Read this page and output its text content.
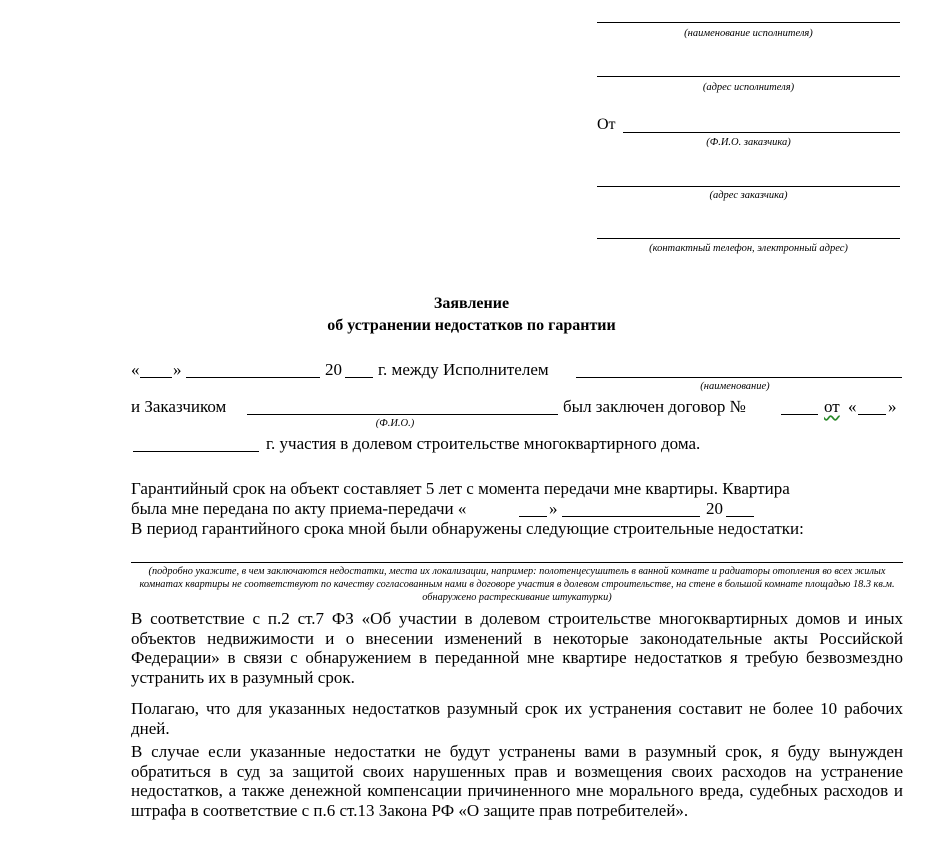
(наименование исполнителя)
(адрес исполнителя)
От
(Ф.И.О. заказчика)
(адрес заказчика)
(контактный телефон, электронный адрес)
Заявление
об устранении недостатков по гарантии
« »	20 г. между Исполнителем
(наименование)
и Заказчиком
(Ф.И.О.)
был заключен договор №	от « »
г. участия в долевом строительстве многоквартирного дома.
Гарантийный срок на объект составляет 5 лет с момента передачи мне квартиры. Квартира
была мне передана по акту приема-передачи «	»	20
В период гарантийного срока мной были обнаружены следующие строительные недостатки:
(подробно укажите, в чем заключаются недостатки, места их локализации, например: полотенцесушитель в ванной комнате и радиаторы отопления во всех жилых комнатах квартиры не соответствуют по качеству согласованным нами в договоре участия в долевом строительстве, на стене в большой комнате площадью 18.3 кв.м. обнаружено растрескивание штукатурки)
В соответствие с п.2 ст.7 ФЗ «Об участии в долевом строительстве многоквартирных домов и иных объектов недвижимости и о внесении изменений в некоторые законодательные акты Российской Федерации» в связи с обнаружением в переданной мне квартире недостатков я требую безвозмездно устранить их в разумный срок.
Полагаю, что для указанных недостатков разумный срок их устранения составит не более 10 рабочих дней.
В случае если указанные недостатки не будут устранены вами в разумный срок, я буду вынужден обратиться в суд за защитой своих нарушенных прав и возмещения своих расходов на устранение недостатков, а также денежной компенсации причиненного мне морального вреда, судебных расходов и штрафа в соответствие с п.6 ст.13 Закона РФ «О защите прав потребителей».
